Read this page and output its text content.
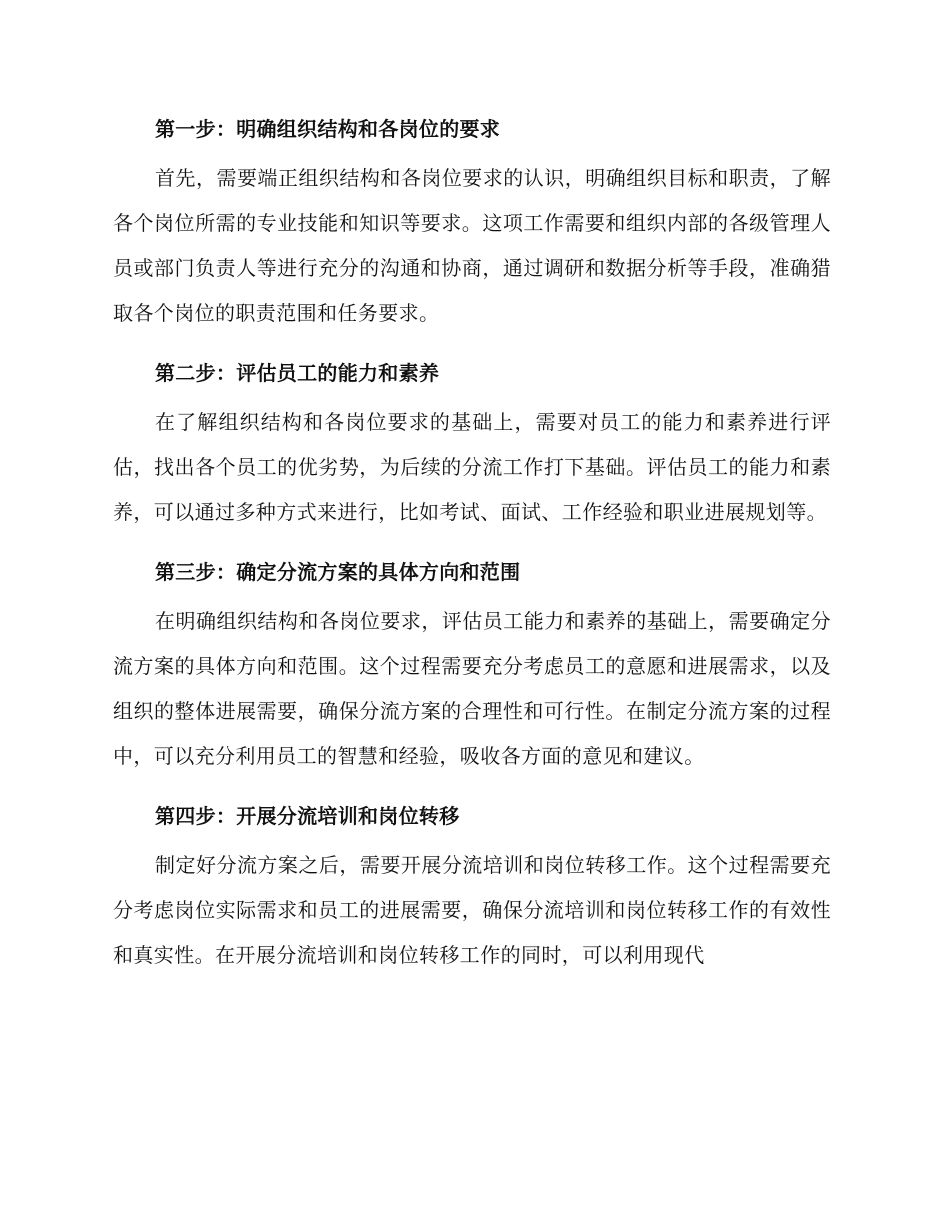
第一步：明确组织结构和各岗位的要求

首先，需要端正组织结构和各岗位要求的认识，明确组织目标和职责，了解各个岗位所需的专业技能和知识等要求。这项工作需要和组织内部的各级管理人员或部门负责人等进行充分的沟通和协商，通过调研和数据分析等手段，准确猎取各个岗位的职责范围和任务要求。

第二步：评估员工的能力和素养

在了解组织结构和各岗位要求的基础上，需要对员工的能力和素养进行评估，找出各个员工的优劣势，为后续的分流工作打下基础。评估员工的能力和素养，可以通过多种方式来进行，比如考试、面试、工作经验和职业进展规划等。

第三步：确定分流方案的具体方向和范围

在明确组织结构和各岗位要求，评估员工能力和素养的基础上，需要确定分流方案的具体方向和范围。这个过程需要充分考虑员工的意愿和进展需求，以及组织的整体进展需要，确保分流方案的合理性和可行性。在制定分流方案的过程中，可以充分利用员工的智慧和经验，吸收各方面的意见和建议。

第四步：开展分流培训和岗位转移

制定好分流方案之后，需要开展分流培训和岗位转移工作。这个过程需要充分考虑岗位实际需求和员工的进展需要，确保分流培训和岗位转移工作的有效性和真实性。在开展分流培训和岗位转移工作的同时，可以利用现代
